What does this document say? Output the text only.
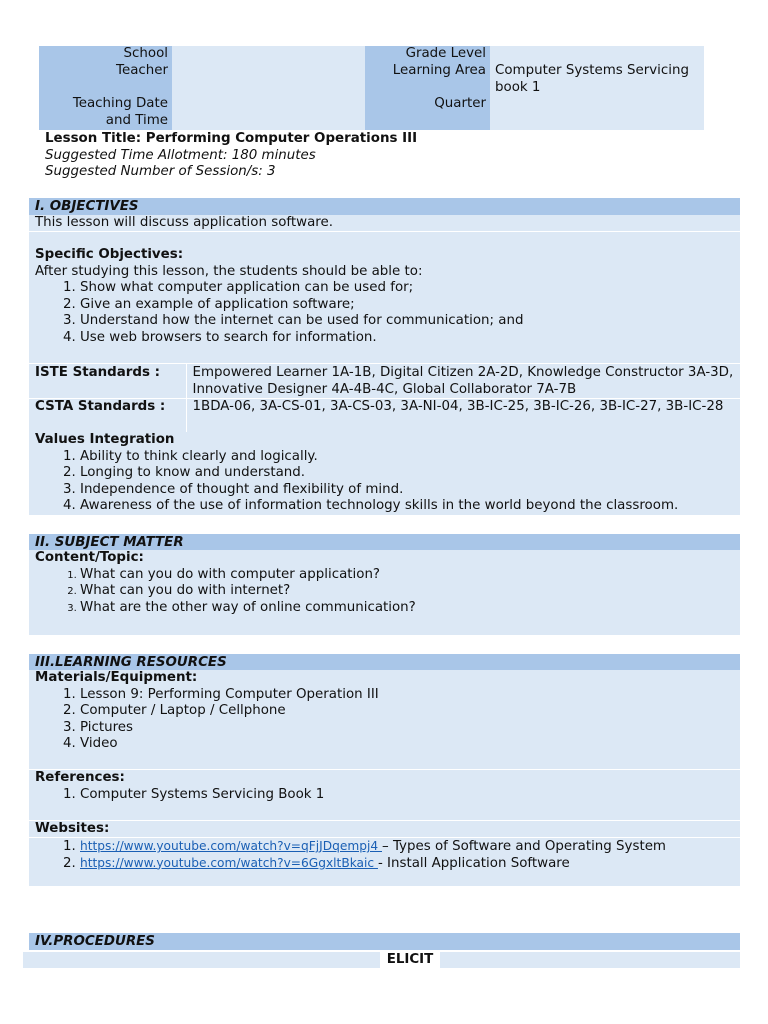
School		Grade Level	
Teacher		Learning Area	Computer Systems Servicing book 1
Teaching Date and Time		Quarter	
Lesson Title: Performing Computer Operations III
Suggested Time Allotment: 180 minutes
Suggested Number of Session/s: 3
I. OBJECTIVES
This lesson will discuss application software.
Specific Objectives:
After studying this lesson, the students should be able to:
1. Show what computer application can be used for;
2. Give an example of application software;
3. Understand how the internet can be used for communication; and
4. Use web browsers to search for information.
ISTE Standards :	Empowered Learner 1A-1B, Digital Citizen 2A-2D, Knowledge Constructor 3A-3D, Innovative Designer 4A-4B-4C, Global Collaborator 7A-7B
CSTA Standards :	1BDA-06, 3A-CS-01, 3A-CS-03, 3A-NI-04, 3B-IC-25, 3B-IC-26, 3B-IC-27, 3B-IC-28
Values Integration
1. Ability to think clearly and logically.
2. Longing to know and understand.
3. Independence of thought and flexibility of mind.
4. Awareness of the use of information technology skills in the world beyond the classroom.
II. SUBJECT MATTER
Content/Topic:
1. What can you do with computer application?
2. What can you do with internet?
3. What are the other way of online communication?
III.LEARNING RESOURCES
Materials/Equipment:
1. Lesson 9: Performing Computer Operation III
2. Computer / Laptop / Cellphone
3. Pictures
4. Video
References:
1. Computer Systems Servicing Book 1
Websites:
1. https://www.youtube.com/watch?v=qFjJDqempj4 – Types of Software and Operating System
2. https://www.youtube.com/watch?v=6GgxltBkaic - Install Application Software
IV.PROCEDURES
ELICIT
